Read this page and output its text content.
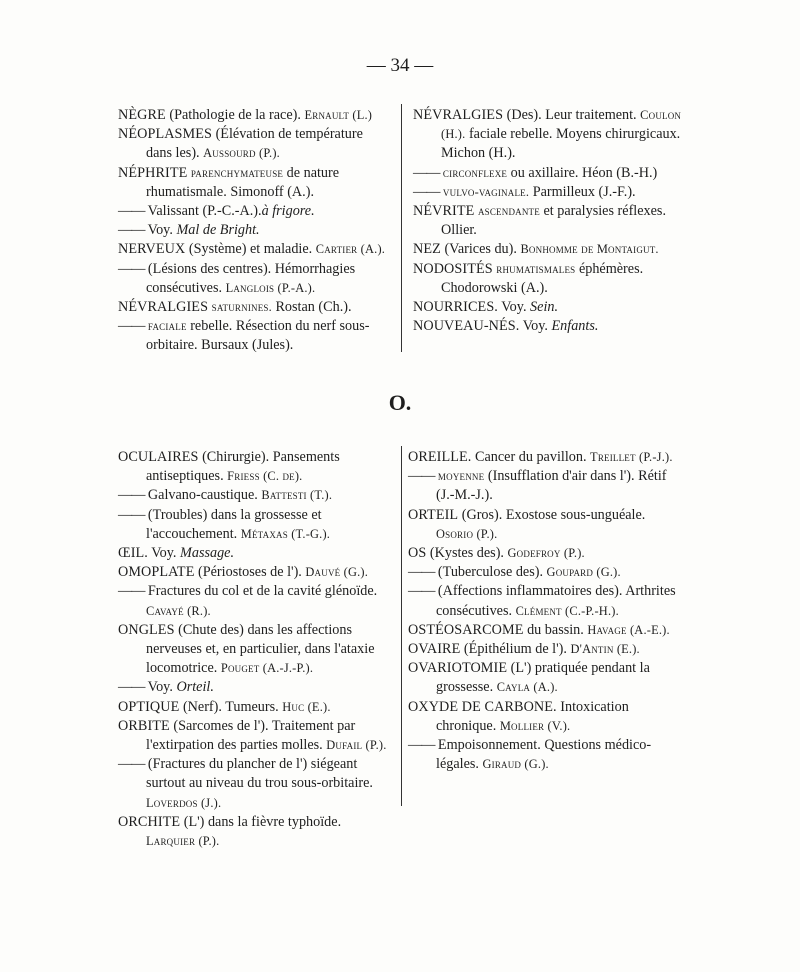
— 34 —

NÈGRE (Pathologie de la race). Ernault (L.)

NÉOPLASMES (Élévation de température dans les). Aussourd (P.).

NÉPHRITE parenchymateuse de nature rhumatismale. Simonoff (A.).

—— Valissant (P.-C.-A.).à frigore.

—— Voy. Mal de Bright.

NERVEUX (Système) et maladie. Cartier (A.).

—— (Lésions des centres). Hémorrhagies consécutives. Langlois (P.-A.).

NÉVRALGIES saturnines. Rostan (Ch.).

—— faciale rebelle. Résection du nerf sous-orbitaire. Bursaux (Jules).

NÉVRALGIES (Des). Leur traitement. Coulon (H.). faciale rebelle. Moyens chirurgicaux. Michon (H.).

—— circonflexe ou axillaire. Héon (B.-H.)

—— vulvo-vaginale. Parmilleux (J.-F.).

NÉVRITE ascendante et paralysies réflexes. Ollier.

NEZ (Varices du). Bonhomme de Montaigut.

NODOSITÉS rhumatismales éphémères. Chodorowski (A.).

NOURRICES. Voy. Sein.

NOUVEAU-NÉS. Voy. Enfants.

O.

OCULAIRES (Chirurgie). Pansements antiseptiques. Friess (C. de).

—— Galvano-caustique. Battesti (T.).

—— (Troubles) dans la grossesse et l'accouchement. Métaxas (T.-G.).

ŒIL. Voy. Massage.

OMOPLATE (Périostoses de l'). Dauvé (G.).

—— Fractures du col et de la cavité glénoïde. Cavayé (R.).

ONGLES (Chute des) dans les affections nerveuses et, en particulier, dans l'ataxie locomotrice. Pouget (A.-J.-P.).

—— Voy. Orteil.

OPTIQUE (Nerf). Tumeurs. Huc (E.).

ORBITE (Sarcomes de l'). Traitement par l'extirpation des parties molles. Dufail (P.).

—— (Fractures du plancher de l') siégeant surtout au niveau du trou sous-orbitaire. Loverdos (J.).

ORCHITE (L') dans la fièvre typhoïde. Larquier (P.).

OREILLE. Cancer du pavillon. Treillet (P.-J.).

—— moyenne (Insufflation d'air dans l'). Rétif (J.-M.-J.).

ORTEIL (Gros). Exostose sous-unguéale. Osorio (P.).

OS (Kystes des). Godefroy (P.).

—— (Tuberculose des). Goupard (G.).

—— (Affections inflammatoires des). Arthrites consécutives. Clément (C.-P.-H.).

OSTÉOSARCOME du bassin. Havage (A.-E.).

OVAIRE (Épithélium de l'). D'Antin (E.).

OVARIOTOMIE (L') pratiquée pendant la grossesse. Cayla (A.).

OXYDE DE CARBONE. Intoxication chronique. Mollier (V.).

—— Empoisonnement. Questions médico-légales. Giraud (G.).
